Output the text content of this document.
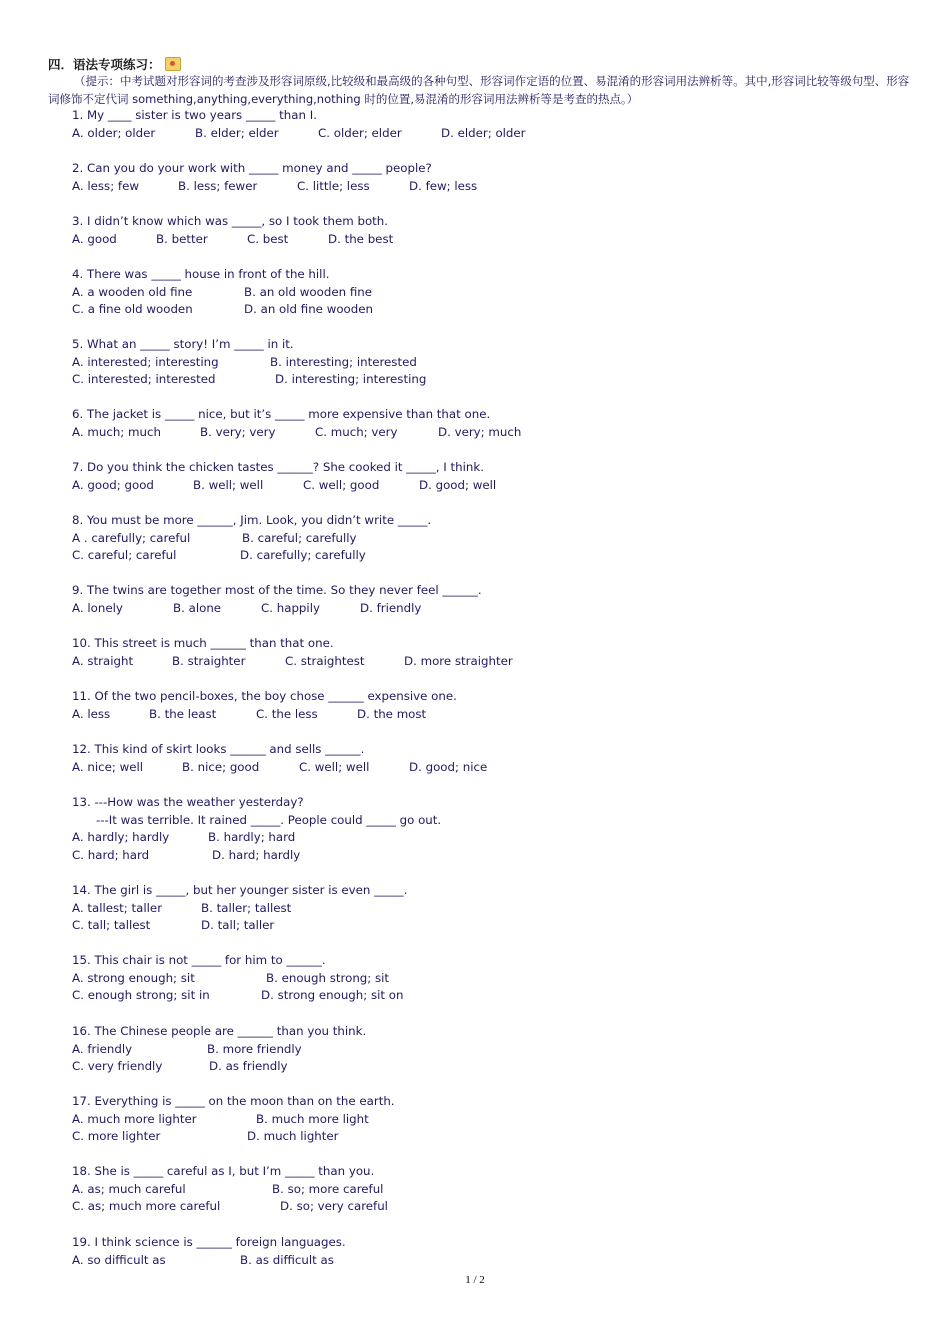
四．语法专项练习：
（提示：中考试题对形容词的考查涉及形容词原级,比较级和最高级的各种句型、形容词作定语的位置、易混淆的形容词用法辨析等。其中,形容词比较等级句型、形容词修饰不定代词 something,anything,everything,nothing 时的位置,易混淆的形容词用法辨析等是考查的热点。）
1. My ____ sister is two years _____ than I.
A. older; older	B. elder; elder	C. older; elder	D. elder; older
2. Can you do your work with _____ money and _____ people?
A. less; few	B. less; fewer	C. little; less	D. few; less
3. I didn’t know which was _____, so I took them both.
A. good	B. better	C. best	D. the best
4. There was _____ house in front of the hill.
A. a wooden old fine	B. an old wooden fine
C. a fine old wooden	D. an old fine wooden
5. What an _____ story! I’m _____ in it.
A. interested; interesting	B. interesting; interested
C. interested; interested	D. interesting; interesting
6. The jacket is _____ nice, but it’s _____ more expensive than that one.
A. much; much	B. very; very	C. much; very	D. very; much
7. Do you think the chicken tastes ______? She cooked it _____, I think.
A. good; good	B. well; well	C. well; good	D. good; well
8. You must be more ______, Jim. Look, you didn’t write _____.
A . carefully; careful	B. careful; carefully
C. careful; careful	D. carefully; carefully
9. The twins are together most of the time. So they never feel ______.
A. lonely	B. alone	C. happily	D. friendly
10. This street is much ______ than that one.
A. straight	B. straighter	C. straightest	D. more straighter
11. Of the two pencil-boxes, the boy chose ______ expensive one.
A. less	B. the least	C. the less	D. the most
12. This kind of skirt looks ______ and sells ______.
A. nice; well	B. nice; good	C. well; well	D. good; nice
13. ---How was the weather yesterday?
---It was terrible. It rained _____. People could _____ go out.
A. hardly; hardly	B. hardly; hard
C. hard; hard	D. hard; hardly
14. The girl is _____, but her younger sister is even _____.
A. tallest; taller	B. taller; tallest
C. tall; tallest	D. tall; taller
15. This chair is not _____ for him to ______.
A. strong enough; sit	B. enough strong; sit
C. enough strong; sit in	D. strong enough; sit on
16. The Chinese people are ______ than you think.
A. friendly	B. more friendly
C. very friendly	D. as friendly
17. Everything is _____ on the moon than on the earth.
A. much more lighter	B. much more light
C. more lighter	D. much lighter
18. She is _____ careful as I, but I’m _____ than you.
A. as; much careful	B. so; more careful
C. as; much more careful	D. so; very careful
19. I think science is ______ foreign languages.
A. so difficult as	B. as difficult as
1 / 2
